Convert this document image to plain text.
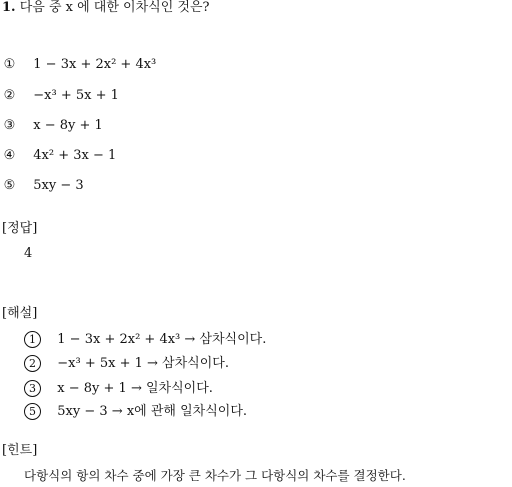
1. 다음 중 x 에 대한 이차식인 것은?
① 1 − 3x + 2x² + 4x³
② −x³ + 5x + 1
③ x − 8y + 1
④ 4x² + 3x − 1
⑤ 5xy − 3
[정답]
4
[해설]
1 1 − 3x + 2x² + 4x³ → 삼차식이다.
2 −x³ + 5x + 1 → 삼차식이다.
3 x − 8y + 1 → 일차식이다.
5 5xy − 3 → x에 관해 일차식이다.
[힌트]
다항식의 항의 차수 중에 가장 큰 차수가 그 다항식의 차수를 결정한다.
